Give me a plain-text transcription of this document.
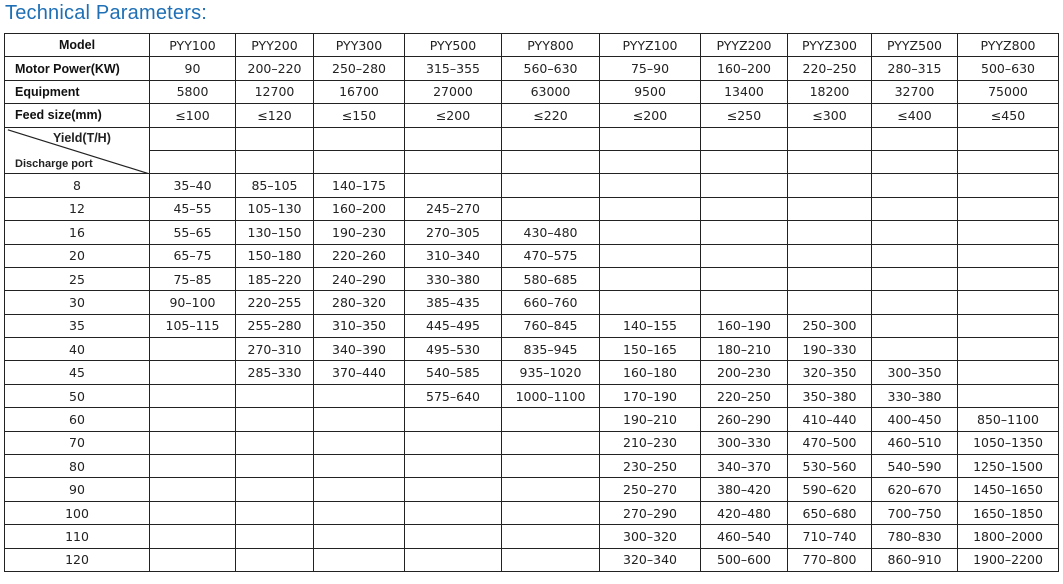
Technical Parameters:
Model	PYY100	PYY200	PYY300	PYY500	PYY800	PYYZ100	PYYZ200	PYYZ300	PYYZ500	PYYZ800
Motor Power(KW)	90	200–220	250–280	315–355	560–630	75–90	160–200	220–250	280–315	500–630
Equipment	5800	12700	16700	27000	63000	9500	13400	18200	32700	75000
Feed size(mm)	≤100	≤120	≤150	≤200	≤220	≤200	≤250	≤300	≤400	≤450

Yield(T/H)
Discharge port										

8	35–40	85–105	140–175							
12	45–55	105–130	160–200	245–270						
16	55–65	130–150	190–230	270–305	430–480					
20	65–75	150–180	220–260	310–340	470–575					
25	75–85	185–220	240–290	330–380	580–685					
30	90–100	220–255	280–320	385–435	660–760					
35	105–115	255–280	310–350	445–495	760–845	140–155	160–190	250–300		
40		270–310	340–390	495–530	835–945	150–165	180–210	190–330		
45		285–330	370–440	540–585	935–1020	160–180	200–230	320–350	300–350	
50				575–640	1000–1100	170–190	220–250	350–380	330–380	
60						190–210	260–290	410–440	400–450	850–1100
70						210–230	300–330	470–500	460–510	1050–1350
80						230–250	340–370	530–560	540–590	1250–1500
90						250–270	380–420	590–620	620–670	1450–1650
100						270–290	420–480	650–680	700–750	1650–1850
110						300–320	460–540	710–740	780–830	1800–2000
120						320–340	500–600	770–800	860–910	1900–2200
